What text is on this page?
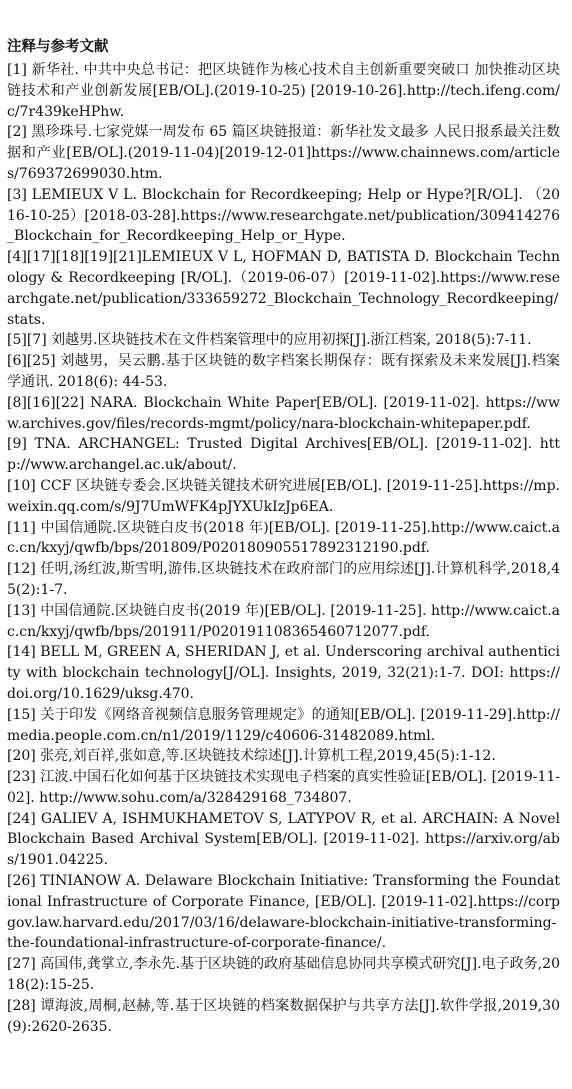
注释与参考文献
[1] 新华社. 中共中央总书记：把区块链作为核心技术自主创新重要突破口 加快推动区块链技术和产业创新发展[EB/OL].(2019-10-25) [2019-10-26].http://tech.ifeng.com/c/7r439keHPhw.
[2] 黑珍珠号.七家党媒一周发布 65 篇区块链报道：新华社发文最多 人民日报系最关注数据和产业[EB/OL].(2019-11-04)[2019-12-01]https://www.chainnews.com/articles/769372699030.htm.
[3] LEMIEUX V L. Blockchain for Recordkeeping; Help or Hype?[R/OL]. （2016-10-25）[2018-03-28].https://www.researchgate.net/publication/309414276_Blockchain_for_Recordkeeping_Help_or_Hype.
[4][17][18][19][21]LEMIEUX V L, HOFMAN D, BATISTA D. Blockchain Technology & Recordkeeping [R/OL].（2019-06-07）[2019-11-02].https://www.researchgate.net/publication/333659272_Blockchain_Technology_Recordkeeping/stats.
[5][7] 刘越男.区块链技术在文件档案管理中的应用初探[J].浙江档案, 2018(5):7-11.
[6][25] 刘越男，吴云鹏.基于区块链的数字档案长期保存：既有探索及未来发展[J].档案学通讯. 2018(6): 44-53.
[8][16][22] NARA. Blockchain White Paper[EB/OL]. [2019-11-02]. https://www.archives.gov/files/records-mgmt/policy/nara-blockchain-whitepaper.pdf.
[9] TNA. ARCHANGEL: Trusted Digital Archives[EB/OL]. [2019-11-02]. http://www.archangel.ac.uk/about/.
[10] CCF 区块链专委会.区块链关键技术研究进展[EB/OL]. [2019-11-25].https://mp.weixin.qq.com/s/9J7UmWFK4pJYXUkIzJp6EA.
[11] 中国信通院.区块链白皮书(2018 年)[EB/OL]. [2019-11-25].http://www.caict.ac.cn/kxyj/qwfb/bps/201809/P020180905517892312190.pdf.
[12] 任明,汤红波,斯雪明,游伟.区块链技术在政府部门的应用综述[J].计算机科学,2018,45(2):1-7.
[13] 中国信通院.区块链白皮书(2019 年)[EB/OL]. [2019-11-25]. http://www.caict.ac.cn/kxyj/qwfb/bps/201911/P020191108365460712077.pdf.
[14] BELL M, GREEN A, SHERIDAN J, et al. Underscoring archival authenticity with blockchain technology[J/OL]. Insights, 2019, 32(21):1-7. DOI: https://doi.org/10.1629/uksg.470.
[15] 关于印发《网络音视频信息服务管理规定》的通知[EB/OL]. [2019-11-29].http://media.people.com.cn/n1/2019/1129/c40606-31482089.html.
[20] 张亮,刘百祥,张如意,等.区块链技术综述[J].计算机工程,2019,45(5):1-12.
[23] 江波.中国石化如何基于区块链技术实现电子档案的真实性验证[EB/OL]. [2019-11-02]. http://www.sohu.com/a/328429168_734807.
[24] GALIEV A, ISHMUKHAMETOV S, LATYPOV R, et al. ARCHAIN: A Novel Blockchain Based Archival System[EB/OL]. [2019-11-02]. https://arxiv.org/abs/1901.04225.
[26] TINIANOW A. Delaware Blockchain Initiative: Transforming the Foundational Infrastructure of Corporate Finance, [EB/OL]. [2019-11-02].https://corpgov.law.harvard.edu/2017/03/16/delaware-blockchain-initiative-transforming-the-foundational-infrastructure-of-corporate-finance/.
[27] 高国伟,龚掌立,李永先.基于区块链的政府基础信息协同共享模式研究[J].电子政务,2018(2):15-25.
[28] 谭海波,周桐,赵赫,等.基于区块链的档案数据保护与共享方法[J].软件学报,2019,30(9):2620-2635.
